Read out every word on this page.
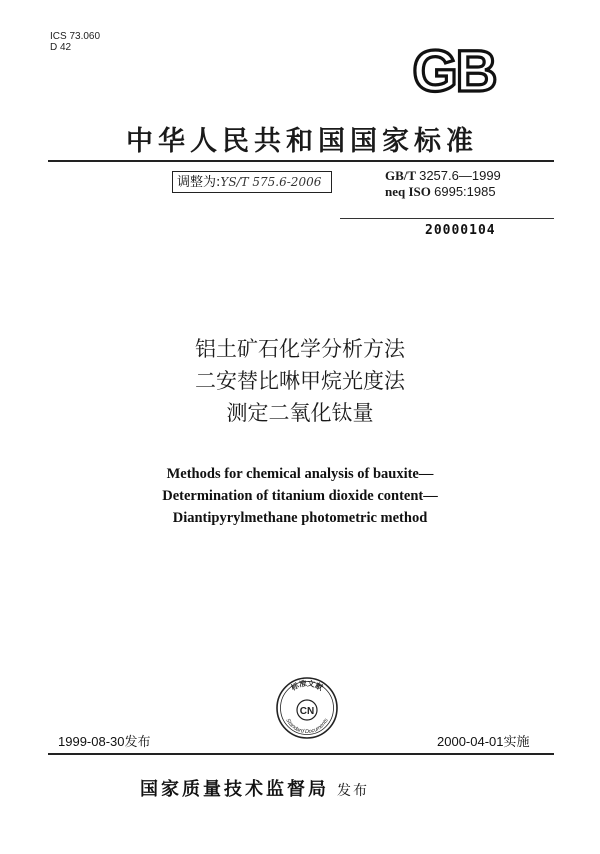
ICS 73.060
D 42	GB
中华人民共和国国家标准
调整为:YS/T 575.6-2006	GB/T 3257.6—1999
neq ISO 6995:1985
20000104
铝土矿石化学分析方法
二安替比啉甲烷光度法
测定二氧化钛量
Methods for chemical analysis of bauxite—
Determination of titanium dioxide content—
Diantipyrylmethane photometric method
标准文献
CN
Standard Documents
1999-08-30发布	2000-04-01实施
国家质量技术监督局 发布
